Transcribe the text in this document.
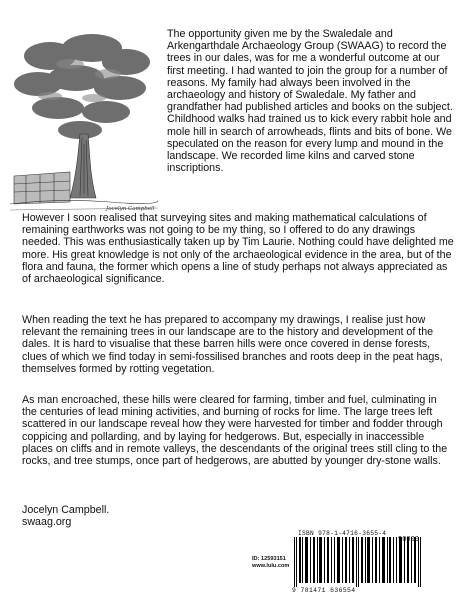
Jocelyn Campbell

The opportunity given me by the Swaledale and Arkengarthdale Archaeology Group (SWAAG) to record the trees in our dales, was for me a wonderful outcome at our first meeting. I had wanted to join the group for a number of reasons. My family had always been involved in the archaeology and history of Swaledale. My father and grandfather had published articles and books on the subject. Childhood walks had trained us to kick every rabbit hole and mole hill in search of arrowheads, flints and bits of bone. We speculated on the reason for every lump and mound in the landscape. We recorded lime kilns and carved stone inscriptions.

However I soon realised that surveying sites and making mathematical calculations of remaining earthworks was not going to be my thing, so I offered to do any drawings needed. This was enthusiastically taken up by Tim Laurie. Nothing could have delighted me more. His great knowledge is not only of the archaeological evidence in the area, but of the flora and fauna, the former which opens a line of study perhaps not always appreciated as of archaeological significance.

When reading the text he has prepared to accompany my drawings, I realise just how relevant the remaining trees in our landscape are to the history and development of the dales. It is hard to visualise that these barren hills were once covered in dense forests, clues of which we find today in semi-fossilised branches and roots deep in the peat hags, themselves formed by rotting vegetation.

As man encroached, these hills were cleared for farming, timber and fuel, culminating in the centuries of lead mining activities, and burning of rocks for lime. The large trees left scattered in our landscape reveal how they were harvested for timber and fodder through coppicing and pollarding, and by laying for hedgerows. But, especially in inaccessible places on cliffs and in remote valleys, the descendants of the original trees still cling to the rocks, and tree stumps, once part of hedgerows, are abutted by younger dry-stone walls.

Jocelyn Campbell.
swaag.org
ISBN 978-1-4716-3655-4
9 781471 636554
ID: 12593151
www.lulu.com
